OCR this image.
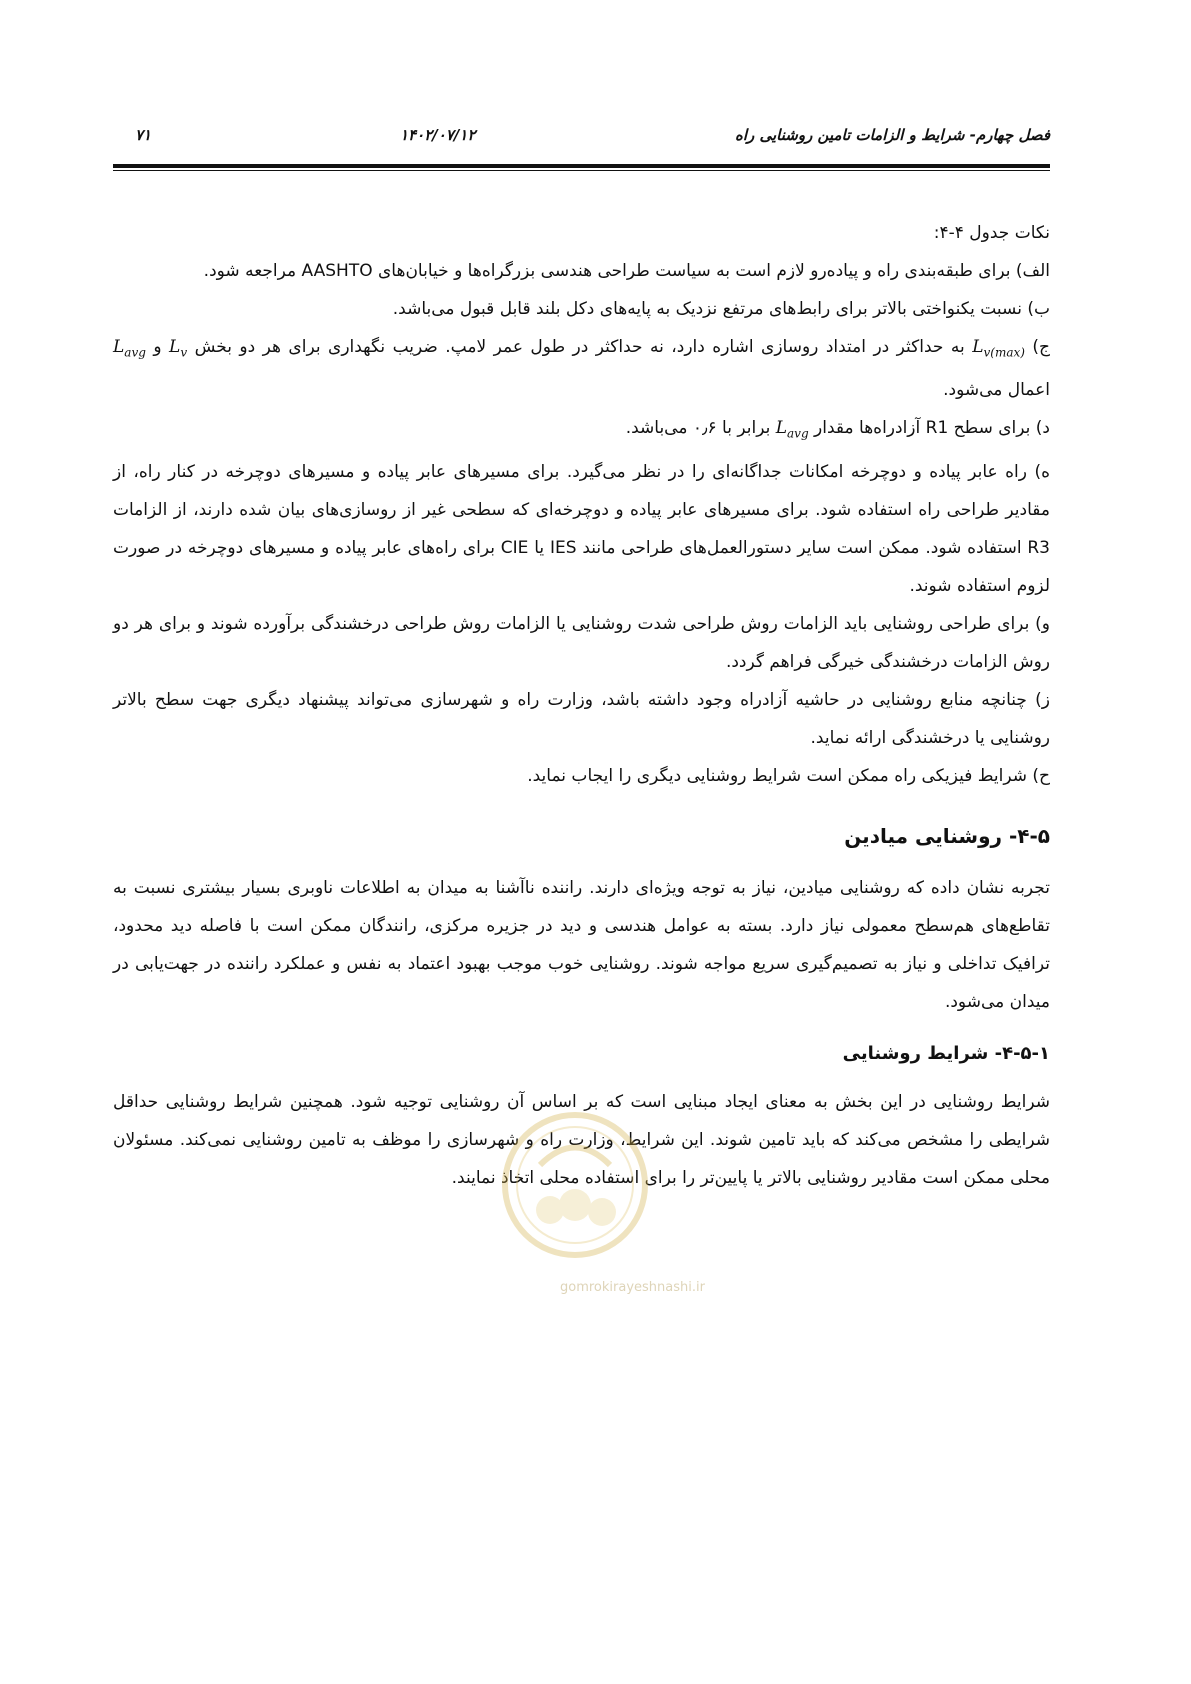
فصل چهارم- شرایط و الزامات تامین روشنایی راه
۱۴۰۲/۰۷/۱۲
۷۱

نکات جدول ۴-۴:

الف) برای طبقه‌بندی راه و پیاده‌رو لازم است به سیاست طراحی هندسی بزرگراه‌ها و خیابان‌های AASHTO مراجعه شود.

ب) نسبت یکنواختی بالاتر برای رابط‌های مرتفع نزدیک به پایه‌های دکل بلند قابل قبول می‌باشد.

ج) $L_{v(max)}$ به حداکثر در امتداد روسازی اشاره دارد، نه حداکثر در طول عمر لامپ. ضریب نگهداری برای هر دو بخش $L_v$ و $L_{avg}$ اعمال می‌شود.

د) برای سطح R1 آزادراه‌ها مقدار $L_{avg}$ برابر با ۰٫۶ می‌باشد.

ه) راه عابر پیاده و دوچرخه امکانات جداگانه‌ای را در نظر می‌گیرد. برای مسیرهای عابر پیاده و مسیرهای دوچرخه در کنار راه، از مقادیر طراحی راه استفاده شود. برای مسیرهای عابر پیاده و دوچرخه‌ای که سطحی غیر از روسازی‌های بیان شده دارند، از الزامات R3 استفاده شود. ممکن است سایر دستورالعمل‌های طراحی مانند IES یا CIE برای راه‌های عابر پیاده و مسیرهای دوچرخه در صورت لزوم استفاده شوند.

و) برای طراحی روشنایی باید الزامات روش طراحی شدت روشنایی یا الزامات روش طراحی درخشندگی برآورده شوند و برای هر دو روش الزامات درخشندگی خیرگی فراهم گردد.

ز) چنانچه منابع روشنایی در حاشیه آزادراه وجود داشته باشد، وزارت راه و شهرسازی می‌تواند پیشنهاد دیگری جهت سطح بالاتر روشنایی یا درخشندگی ارائه نماید.

ح) شرایط فیزیکی راه ممکن است شرایط روشنایی دیگری را ایجاب نماید.

۴-۵- روشنایی میادین

تجربه نشان داده که روشنایی میادین، نیاز به توجه ویژه‌ای دارند. راننده ناآشنا به میدان به اطلاعات ناوبری بسیار بیشتری نسبت به تقاطع‌های هم‌سطح معمولی نیاز دارد. بسته به عوامل هندسی و دید در جزیره مرکزی، رانندگان ممکن است با فاصله دید محدود، ترافیک تداخلی و نیاز به تصمیم‌گیری سریع مواجه شوند. روشنایی خوب موجب بهبود اعتماد به نفس و عملکرد راننده در جهت‌یابی در میدان می‌شود.

۴-۵-۱- شرایط روشنایی

شرایط روشنایی در این بخش به معنای ایجاد مبنایی است که بر اساس آن روشنایی توجیه شود. همچنین شرایط روشنایی حداقل شرایطی را مشخص می‌کند که باید تامین شوند. این شرایط، وزارت راه و شهرسازی را موظف به تامین روشنایی نمی‌کند. مسئولان محلی ممکن است مقادیر روشنایی بالاتر یا پایین‌تر را برای استفاده محلی اتخاذ نمایند.

gomrokirayeshnashi.ir
